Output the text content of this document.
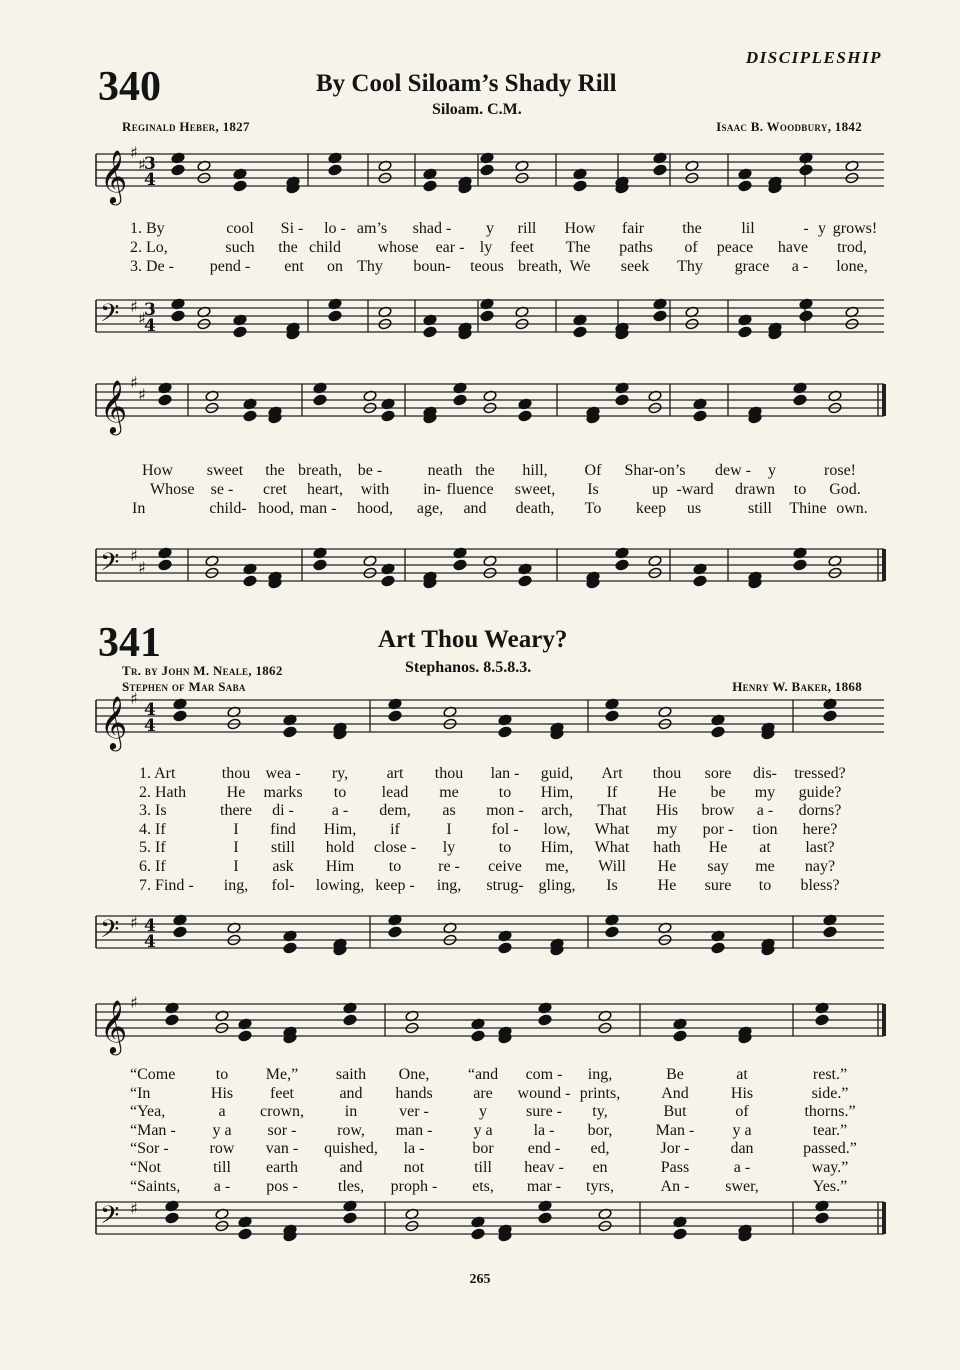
DISCIPLESHIP
340	By Cool Siloam’s Shady Rill
Siloam. C.M.
Reginald Heber, 1827	Isaac B. Woodbury, 1842
341	Art Thou Weary?
Stephanos. 8.5.8.3.
Tr. by John M. Neale, 1862
Stephen of Mar Saba	Henry W. Baker, 1868
𝄞 ♯
♯
3
4
𝄢 ♯
♯
3
4
𝄞 ♯
♯
𝄢 ♯
♯
𝄞 ♯
4
4
𝄢 ♯ 4
4
𝄞 ♯
𝄢 ♯
1. By	cool Si - lo - am’s shad - y rill How fair the lil	- y grows!
2. Lo,	such the child whose ear - ly feet The paths of peace have trod,
3. De - pend - ent on Thy boun- teous breath, We seek Thy grace a - lone,
How sweet the breath, be -	neath the hill, Of Shar-on’s dew - y	rose!
Whose se - cret heart, with in- fluence sweet, Is	up -ward drawn to God.
In	child- hood, man - hood, age, and death, To keep us	still Thine own.
1. Art	thou wea - ry, art thou lan - guid, Art thou sore dis- tressed?
2. Hath	He marks to lead me	to Him, If	He be my guide?
3. Is	there di - a - dem, as mon - arch, That His brow a - dorns?
4. If	I find Him, if	I fol - low, What my por - tion here?
5. If	I still hold close - ly	to Him, What hath He at last?
6. If	I ask Him to re - ceive me, Will He say me nay?
7. Find - ing, fol- lowing, keep - ing, strug- gling, Is He sure to bless?
“Come	to Me,” saith One, “and com - ing,	Be	at	rest.”
“In	His feet	and hands	are wound - prints,	And	His	side.”
“Yea,	a crown,	in	ver -	y sure - ty,	But	of	thorns.”
“Man - y a sor -	row, man -	y a	la - bor,	Man - y a	tear.”
“Sor -	row van - quished, la -	bor end - ed,	Jor -	dan	passed.”
“Not	till earth	and	not	till heav - en	Pass	a -	way.”
“Saints, a - pos -	tles, proph - ets, mar - tyrs,	An - swer,	Yes.”
265
